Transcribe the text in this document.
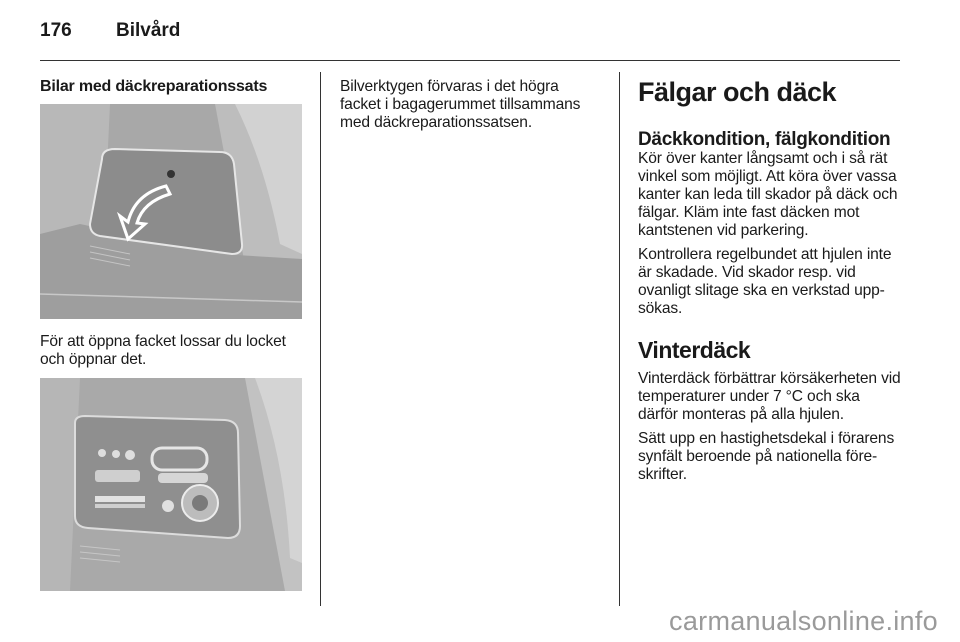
176 Bilvård

Bilar med däckreparationssats

För att öppna facket lossar du locket och öppnar det.

Bilverktygen förvaras i det högra facket i bagagerummet tillsammans med däckreparationssatsen.

Fälgar och däck

Däckkondition, fälgkondition

Kör över kanter långsamt och i så rät vinkel som möjligt. Att köra över vassa kanter kan leda till skador på däck och fälgar. Kläm inte fast däcken mot kantstenen vid parkering.

Kontrollera regelbundet att hjulen inte är skadade. Vid skador resp. vid ovanligt slitage ska en verkstad upp-sökas.

Vinterdäck

Vinterdäck förbättrar körsäkerheten vid temperaturer under 7 °C och ska därför monteras på alla hjulen.

Sätt upp en hastighetsdekal i förarens synfält beroende på nationella före-skrifter.

carmanualsonline.info
